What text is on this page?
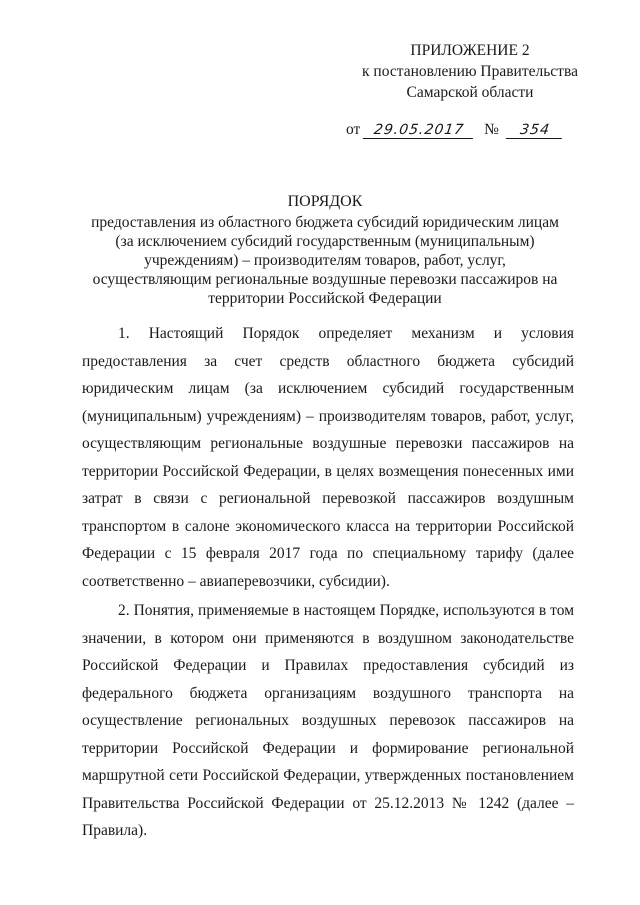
ПРИЛОЖЕНИЕ 2
к постановлению Правительства
Самарской области
от 29.05.2017 № 354
ПОРЯДОК
предоставления из областного бюджета субсидий юридическим лицам (за исключением субсидий государственным (муниципальным) учреждениям) – производителям товаров, работ, услуг, осуществляющим региональные воздушные перевозки пассажиров на территории Российской Федерации

1. Настоящий Порядок определяет механизм и условия предоставления за счет средств областного бюджета субсидий юридическим лицам (за исключением субсидий государственным (муниципальным) учреждениям) – производителям товаров, работ, услуг, осуществляющим региональные воздушные перевозки пассажиров на территории Российской Федерации, в целях возмещения понесенных ими затрат в связи с региональной перевозкой пассажиров воздушным транспортом в салоне экономического класса на территории Российской Федерации с 15 февраля 2017 года по специальному тарифу (далее соответственно – авиаперевозчики, субсидии).

2. Понятия, применяемые в настоящем Порядке, используются в том значении, в котором они применяются в воздушном законодательстве Российской Федерации и Правилах предоставления субсидий из федерального бюджета организациям воздушного транспорта на осуществление региональных воздушных перевозок пассажиров на территории Российской Федерации и формирование региональной маршрутной сети Российской Федерации, утвержденных постановлением Правительства Российской Федерации от 25.12.2013 № 1242 (далее – Правила).
